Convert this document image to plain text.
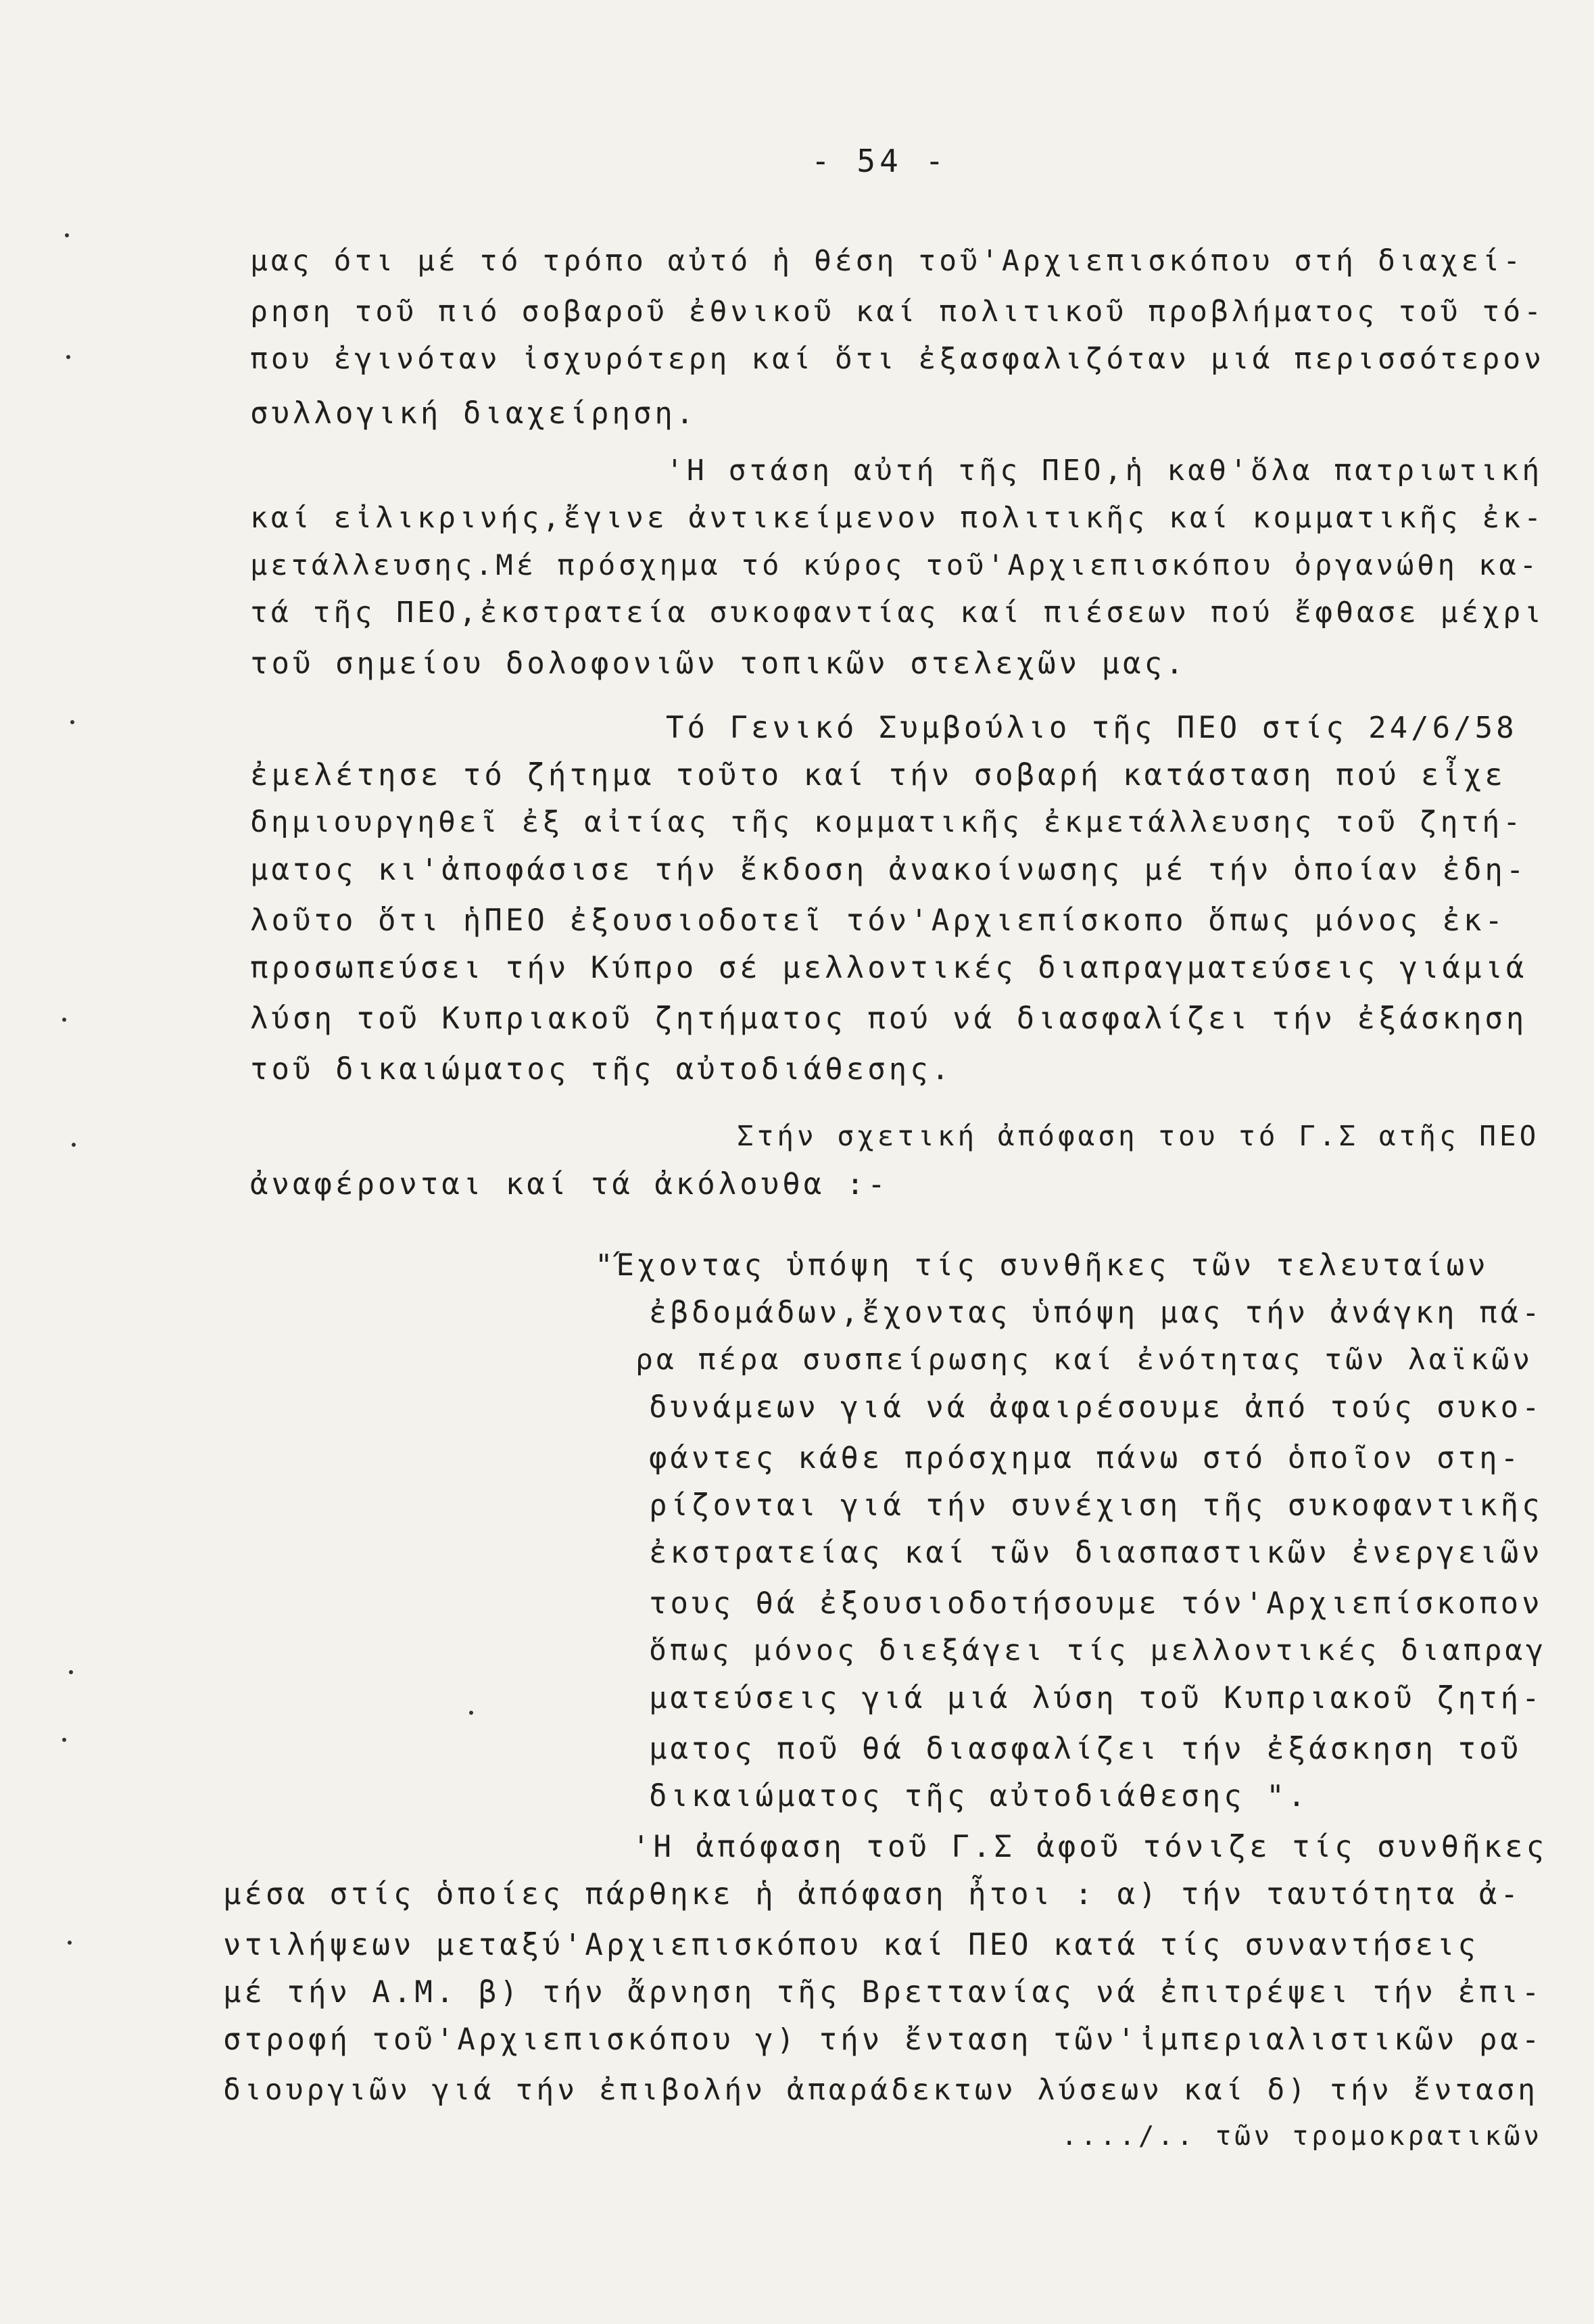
- 54 -
μας ότι μέ τό τρόπο αὐτό ἡ θέση τοῦ'Αρχιεπισκόπου στή διαχεί-
ρηση τοῦ πιό σοβαροῦ ἐθνικοῦ καί πολιτικοῦ προβλήματος τοῦ τό-
που ἐγινόταν ἰσχυρότερη καί ὅτι ἐξασφαλιζόταν μιά περισσότερον
συλλογική διαχείρηση.
'Η στάση αὐτή τῆς ΠΕΟ,ἡ καθ'ὅλα πατριωτική
καί εἰλικρινής,ἔγινε ἀντικείμενον πολιτικῆς καί κομματικῆς ἐκ-
μετάλλευσης.Μέ πρόσχημα τό κύρος τοῦ'Αρχιεπισκόπου ὀργανώθη κα-
τά τῆς ΠΕΟ,ἐκστρατεία συκοφαντίας καί πιέσεων πού ἔφθασε μέχρι
τοῦ σημείου δολοφονιῶν τοπικῶν στελεχῶν μας.
Τό Γενικό Συμβούλιο τῆς ΠΕΟ στίς 24/6/58
ἐμελέτησε τό ζήτημα τοῦτο καί τήν σοβαρή κατάσταση πού εἶχε
δημιουργηθεῖ ἐξ αἰτίας τῆς κομματικῆς ἐκμετάλλευσης τοῦ ζητή-
ματος κι'ἀποφάσισε τήν ἔκδοση ἀνακοίνωσης μέ τήν ὁποίαν ἐδη-
λοῦτο ὅτι ἡΠΕΟ ἐξουσιοδοτεῖ τόν'Αρχιεπίσκοπο ὅπως μόνος ἐκ-
προσωπεύσει τήν Κύπρο σέ μελλοντικές διαπραγματεύσεις γιάμιά
λύση τοῦ Κυπριακοῦ ζητήματος πού νά διασφαλίζει τήν ἐξάσκηση
τοῦ δικαιώματος τῆς αὐτοδιάθεσης.
Στήν σχετική ἀπόφαση του τό Γ.Σ ατῆς ΠΕΟ
ἀναφέρονται καί τά ἀκόλουθα :-
"Έχοντας ὑπόψη τίς συνθῆκες τῶν τελευταίων
ἐβδομάδων,ἔχοντας ὑπόψη μας τήν ἀνάγκη πά-
ρα πέρα συσπείρωσης καί ἐνότητας τῶν λαϊκῶν
δυνάμεων γιά νά ἀφαιρέσουμε ἀπό τούς συκο-
φάντες κάθε πρόσχημα πάνω στό ὁποῖον στη-
ρίζονται γιά τήν συνέχιση τῆς συκοφαντικῆς
ἐκστρατείας καί τῶν διασπαστικῶν ἐνεργειῶν
τους θά ἐξουσιοδοτήσουμε τόν'Αρχιεπίσκοπον
ὅπως μόνος διεξάγει τίς μελλοντικές διαπραγ
ματεύσεις γιά μιά λύση τοῦ Κυπριακοῦ ζητή-
ματος ποῦ θά διασφαλίζει τήν ἐξάσκηση τοῦ
δικαιώματος τῆς αὐτοδιάθεσης ".
'Η ἀπόφαση τοῦ Γ.Σ ἀφοῦ τόνιζε τίς συνθῆκες
μέσα στίς ὁποίες πάρθηκε ἡ ἀπόφαση ἦτοι : α) τήν ταυτότητα ἀ-
ντιλήψεων μεταξύ'Αρχιεπισκόπου καί ΠΕΟ κατά τίς συναντήσεις
μέ τήν Α.Μ. β) τήν ἄρνηση τῆς Βρεττανίας νά ἐπιτρέψει τήν ἐπι-
στροφή τοῦ'Αρχιεπισκόπου γ) τήν ἔνταση τῶν'ἰμπεριαλιστικῶν ρα-
διουργιῶν γιά τήν ἐπιβολήν ἀπαράδεκτων λύσεων καί δ) τήν ἔνταση
..../.. τῶν τρομοκρατικῶν
